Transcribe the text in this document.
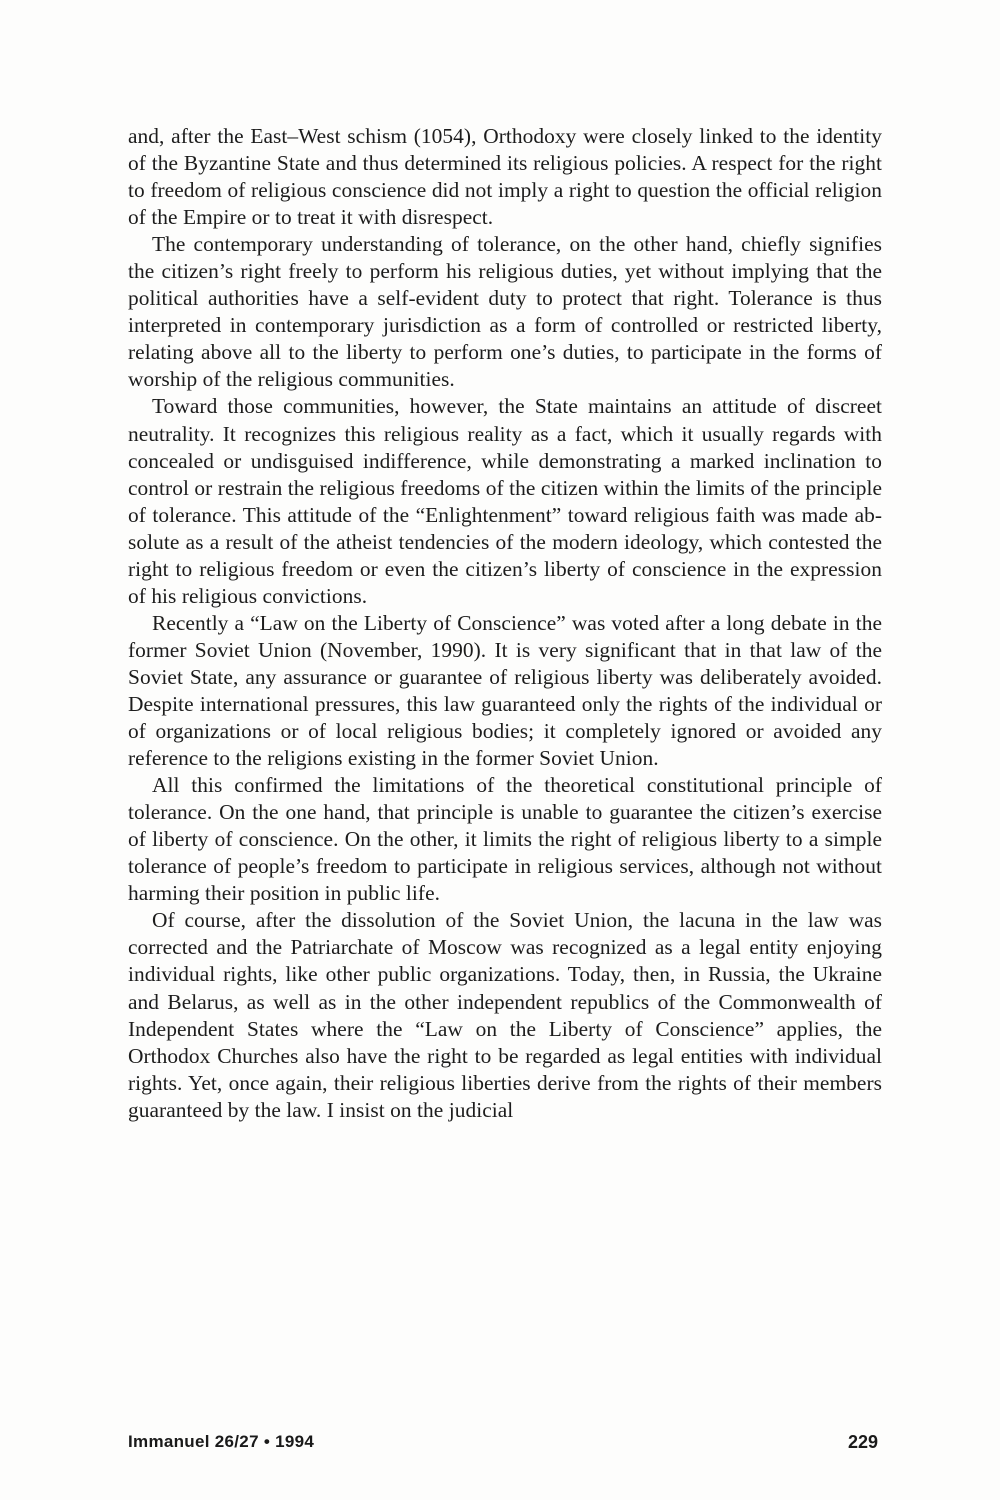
and, after the East–West schism (1054), Orthodoxy were closely linked to the identity of the Byzantine State and thus determined its religious policies. A respect for the right to freedom of religious conscience did not imply a right to question the official religion of the Empire or to treat it with disrespect.

The contemporary understanding of tolerance, on the other hand, chiefly signifies the citizen’s right freely to perform his religious duties, yet without implying that the political authorities have a self-evident duty to protect that right. Tolerance is thus interpreted in contemporary jurisdiction as a form of controlled or restricted liberty, relating above all to the liberty to perform one’s duties, to participate in the forms of worship of the religious communities.

Toward those communities, however, the State maintains an attitude of discreet neutrality. It recognizes this religious reality as a fact, which it usually regards with concealed or undisguised indifference, while demonstrating a marked inclination to control or restrain the religious freedoms of the citizen within the limits of the principle of tolerance. This attitude of the “Enlightenment” toward religious faith was made absolute as a result of the atheist tendencies of the modern ideology, which contested the right to religious freedom or even the citizen’s liberty of conscience in the expression of his religious convictions.

Recently a “Law on the Liberty of Conscience” was voted after a long debate in the former Soviet Union (November, 1990). It is very significant that in that law of the Soviet State, any assurance or guarantee of religious liberty was deliberately avoided. Despite international pressures, this law guaranteed only the rights of the individual or of organizations or of local religious bodies; it completely ignored or avoided any reference to the religions existing in the former Soviet Union.

All this confirmed the limitations of the theoretical constitutional principle of tolerance. On the one hand, that principle is unable to guarantee the citizen’s exercise of liberty of conscience. On the other, it limits the right of religious liberty to a simple tolerance of people’s freedom to participate in religious services, although not without harming their position in public life.

Of course, after the dissolution of the Soviet Union, the lacuna in the law was corrected and the Patriarchate of Moscow was recognized as a legal entity enjoying individual rights, like other public organizations. Today, then, in Russia, the Ukraine and Belarus, as well as in the other independent republics of the Commonwealth of Independent States where the “Law on the Liberty of Conscience” applies, the Orthodox Churches also have the right to be regarded as legal entities with individual rights. Yet, once again, their religious liberties derive from the rights of their members guaranteed by the law. I insist on the judicial

Immanuel 26/27 • 1994	229
